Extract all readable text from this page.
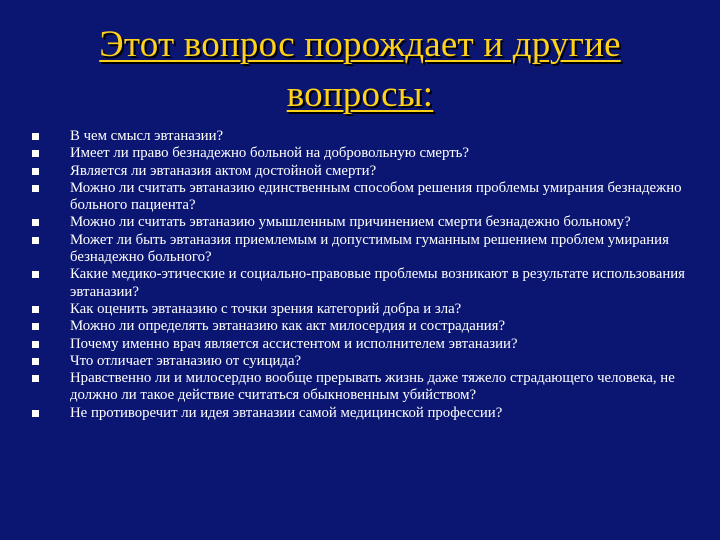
Этот вопрос порождает и другие
вопросы:
В чем смысл эвтаназии?
Имеет ли право безнадежно больной на добровольную смерть?
Является ли эвтаназия актом достойной смерти?
Можно ли считать эвтаназию единственным способом решения проблемы умирания безнадежно больного пациента?
Можно ли считать эвтаназию умышленным причинением смерти безнадежно больному?
Может ли быть эвтаназия приемлемым и допустимым гуманным решением проблем умирания безнадежно больного?
Какие медико-этические и социально-правовые проблемы возникают в результате использования эвтаназии?
Как оценить эвтаназию с точки зрения категорий добра и зла?
Можно ли определять эвтаназию как акт милосердия и сострадания?
Почему именно врач является ассистентом и исполнителем эвтаназии?
Что отличает эвтаназию от суицида?
Нравственно ли и милосердно вообще прерывать жизнь даже тяжело страдающего человека, не должно ли такое действие считаться обыкновенным убийством?
Не противоречит ли идея эвтаназии самой медицинской профессии?
